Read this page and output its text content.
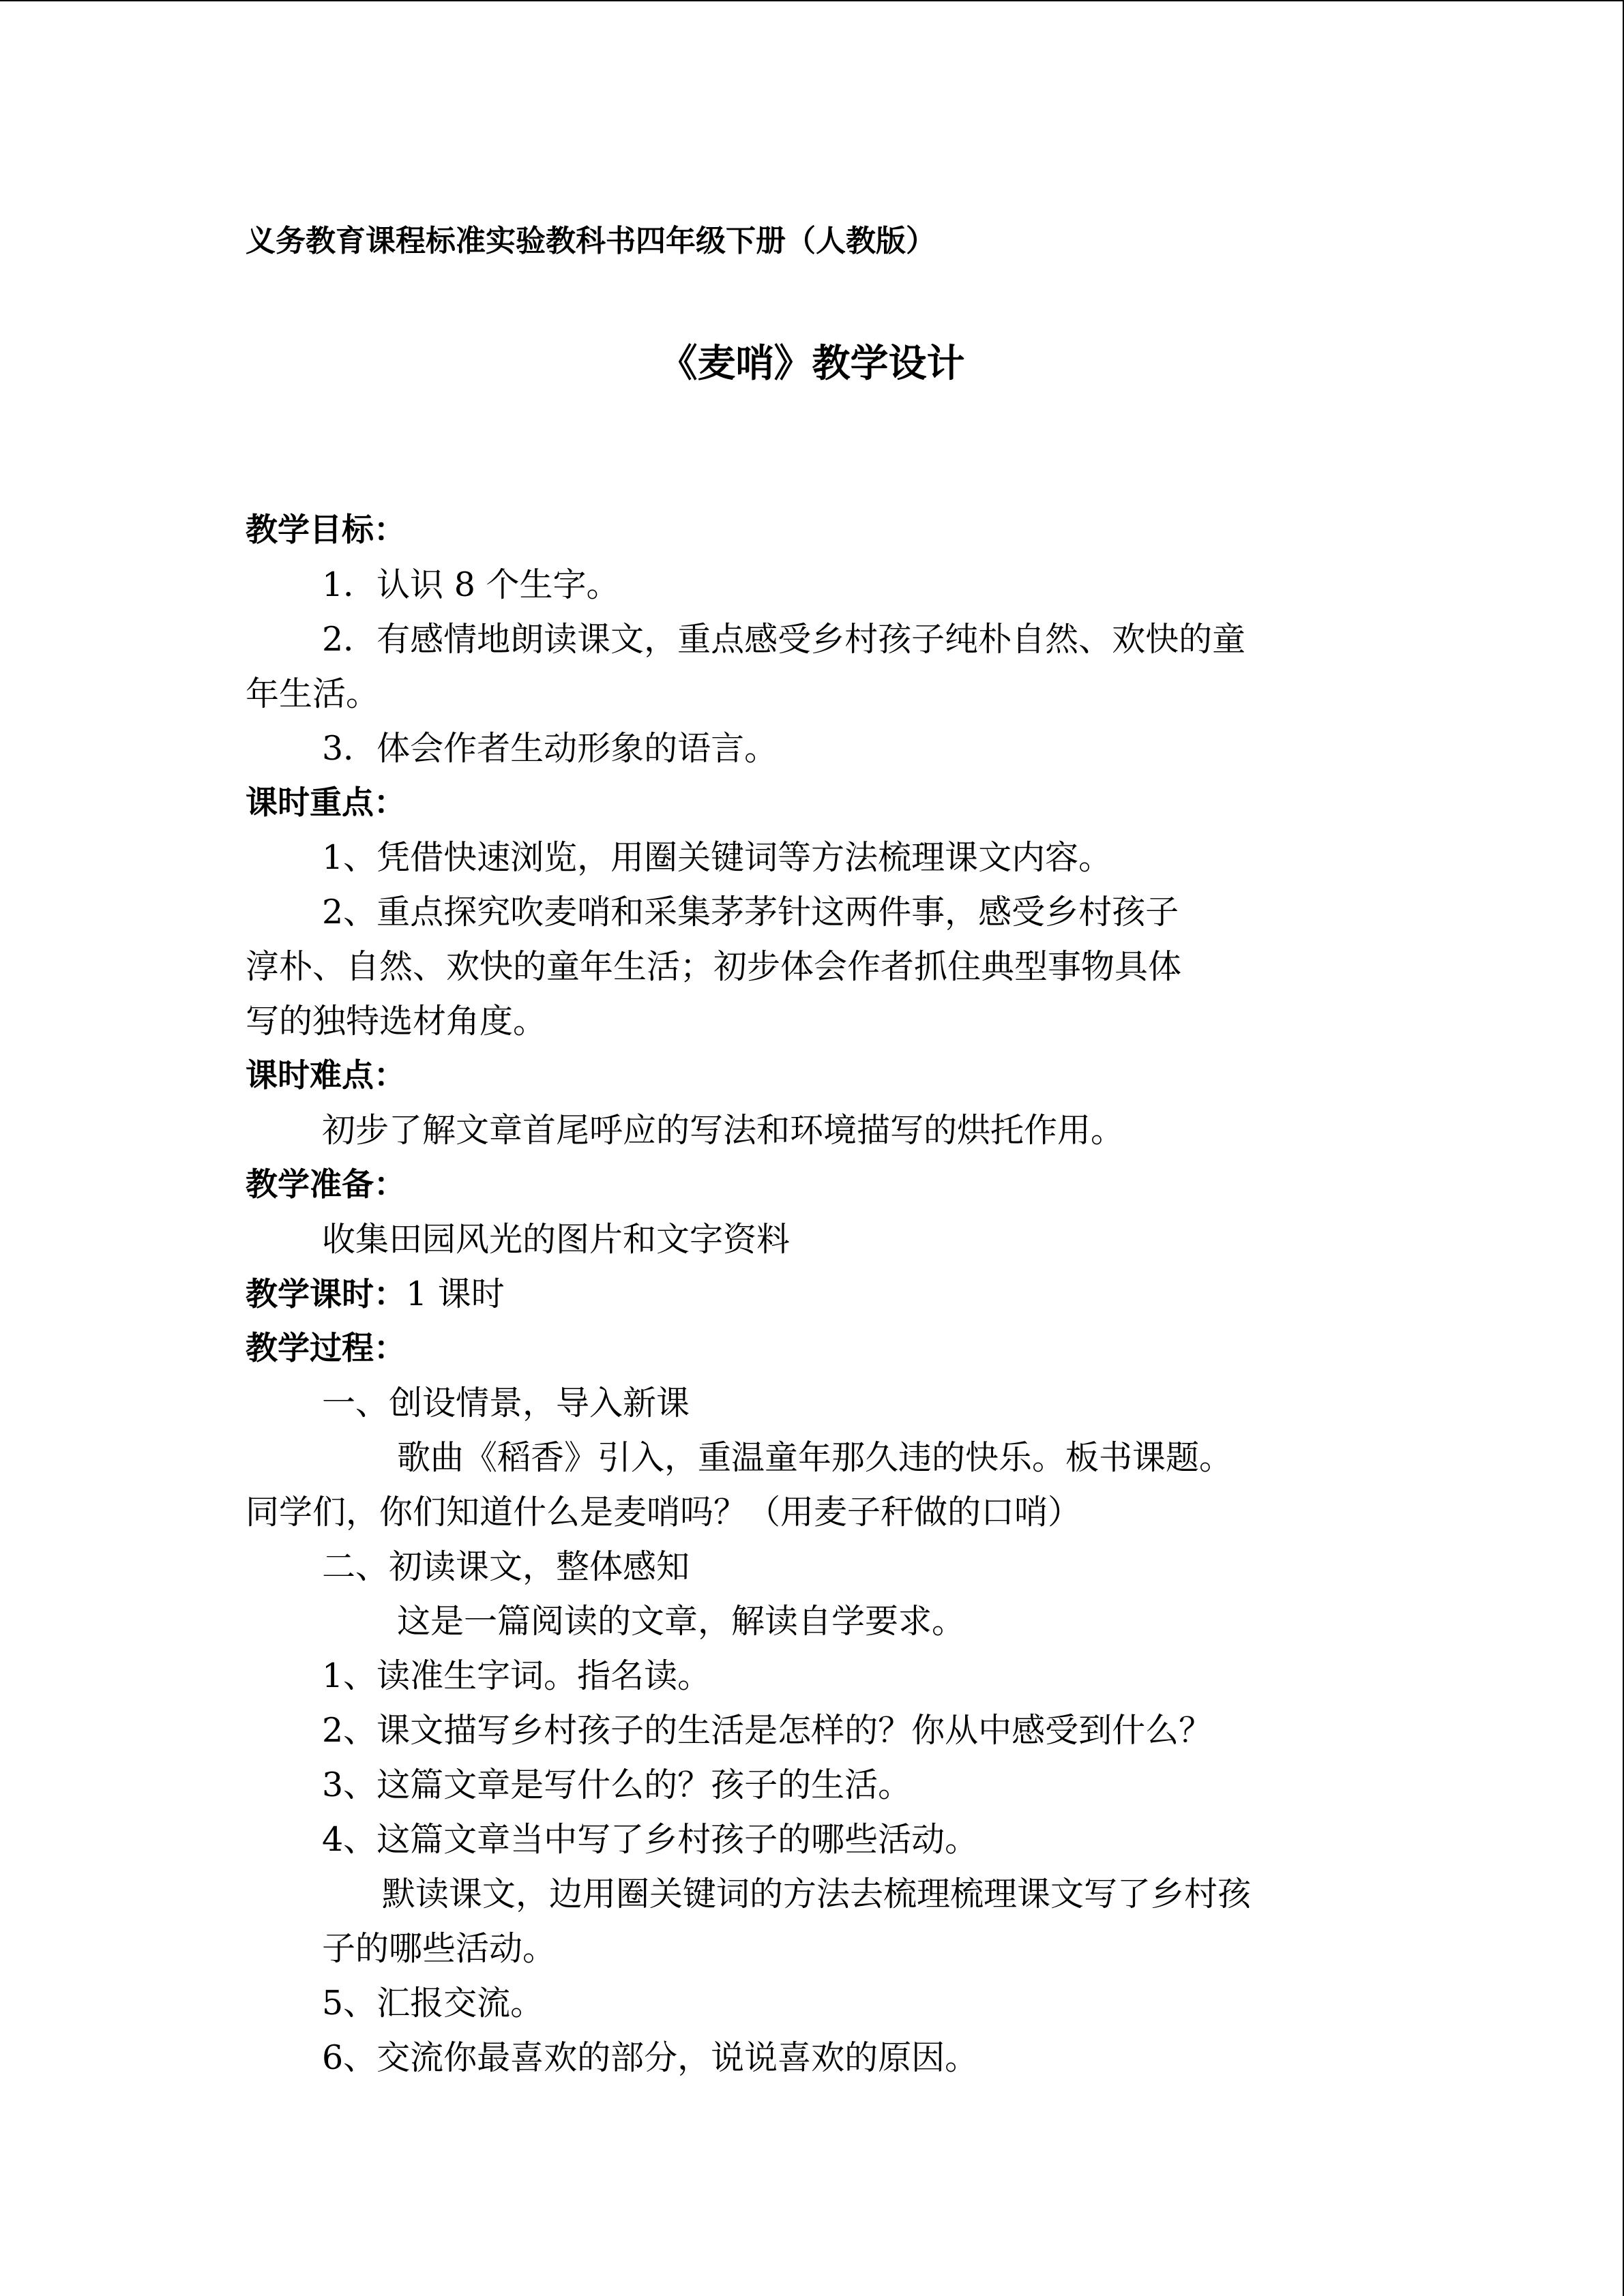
义务教育课程标准实验教科书四年级下册（人教版）
《麦哨》教学设计
教学目标：
1．认识 8 个生字。
2．有感情地朗读课文，重点感受乡村孩子纯朴自然、欢快的童
年生活。
3．体会作者生动形象的语言。
课时重点：
1、凭借快速浏览，用圈关键词等方法梳理课文内容。
2、重点探究吹麦哨和采集茅茅针这两件事，感受乡村孩子
淳朴、自然、欢快的童年生活；初步体会作者抓住典型事物具体
写的独特选材角度。
课时难点：
初步了解文章首尾呼应的写法和环境描写的烘托作用。
教学准备：
收集田园风光的图片和文字资料
教学课时：1 课时
教学过程：
一、创设情景，导入新课
歌曲《稻香》引入，重温童年那久违的快乐。板书课题。
同学们，你们知道什么是麦哨吗？（用麦子秆做的口哨）
二、初读课文，整体感知
这是一篇阅读的文章，解读自学要求。
1、读准生字词。指名读。
2、课文描写乡村孩子的生活是怎样的？你从中感受到什么？
3、这篇文章是写什么的？孩子的生活。
4、这篇文章当中写了乡村孩子的哪些活动。
默读课文，边用圈关键词的方法去梳理梳理课文写了乡村孩
子的哪些活动。
5、汇报交流。
6、交流你最喜欢的部分，说说喜欢的原因。
